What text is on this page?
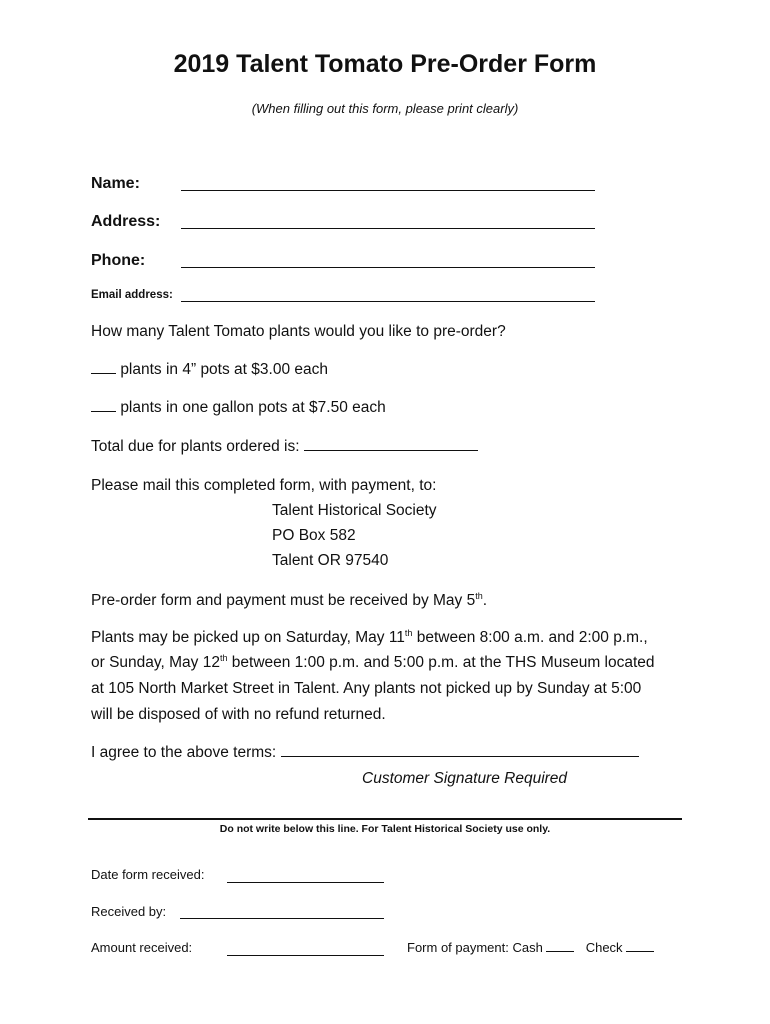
2019 Talent Tomato Pre-Order Form
(When filling out this form, please print clearly)
Name:
Address:
Phone:
Email address:
How many Talent Tomato plants would you like to pre-order?
plants in 4” pots at $3.00 each
plants in one gallon pots at $7.50 each
Total due for plants ordered is:
Please mail this completed form, with payment, to:
Talent Historical Society
PO Box 582
Talent OR 97540
Pre-order form and payment must be received by May 5th.
Plants may be picked up on Saturday, May 11th between 8:00 a.m. and 2:00 p.m.,
or Sunday, May 12th between 1:00 p.m. and 5:00 p.m. at the THS Museum located
at 105 North Market Street in Talent. Any plants not picked up by Sunday at 5:00
will be disposed of with no refund returned.
I agree to the above terms:
Customer Signature Required
Do not write below this line. For Talent Historical Society use only.
Date form received:
Received by:
Amount received:	Form of payment: Cash	Check
